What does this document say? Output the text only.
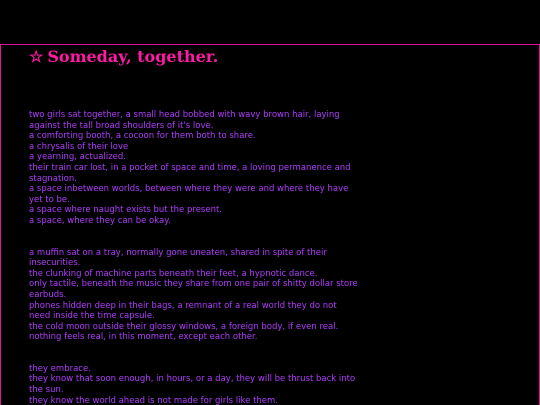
☆ Someday, together.

two girls sat together, a small head bobbed with wavy brown hair, laying against the tall broad shoulders of it's love.

a comforting booth, a cocoon for them both to share.

a chrysalis of their love

a yearning, actualized.

their train car lost, in a pocket of space and time, a loving permanence and stagnation.

a space inbetween worlds, between where they were and where they have yet to be.

a space where naught exists but the present.

a space, where they can be okay.

a muffin sat on a tray, normally gone uneaten, shared in spite of their insecurities.

the clunking of machine parts beneath their feet, a hypnotic dance.

only tactile, beneath the music they share from one pair of shitty dollar store earbuds.

phones hidden deep in their bags, a remnant of a real world they do not need inside the time capsule.

the cold moon outside their glossy windows, a foreign body, if even real.

nothing feels real, in this moment, except each other.

they embrace.

they know that soon enough, in hours, or a day, they will be thrust back into the sun.

they know the world ahead is not made for girls like them.
